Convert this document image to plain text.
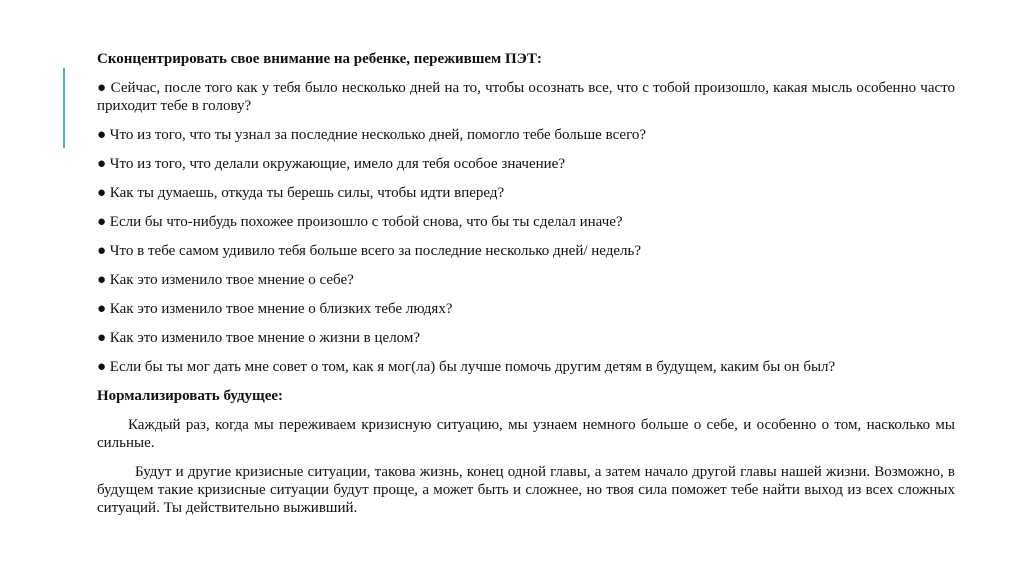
Сконцентрировать свое внимание на ребенке, пережившем ПЭТ:

● Сейчас, после того как у тебя было несколько дней на то, чтобы осознать все, что с тобой произошло, какая мысль особенно часто приходит тебе в голову?

● Что из того, что ты узнал за последние несколько дней, помогло тебе больше всего?

● Что из того, что делали окружающие, имело для тебя особое значение?

● Как ты думаешь, откуда ты берешь силы, чтобы идти вперед?

● Если бы что-нибудь похожее произошло с тобой снова, что бы ты сделал иначе?

● Что в тебе самом удивило тебя больше всего за последние несколько дней/ недель?

● Как это изменило твое мнение о себе?

● Как это изменило твое мнение о близких тебе людях?

● Как это изменило твое мнение о жизни в целом?

● Если бы ты мог дать мне совет о том, как я мог(ла) бы лучше помочь другим детям в будущем, каким бы он был?

Нормализировать будущее:

Каждый раз, когда мы переживаем кризисную ситуацию, мы узнаем немного больше о себе, и особенно о том, насколько мы сильные.

Будут и другие кризисные ситуации, такова жизнь, конец одной главы, а затем начало другой главы нашей жизни. Возможно, в будущем такие кризисные ситуации будут проще, а может быть и сложнее, но твоя сила поможет тебе найти выход из всех сложных ситуаций. Ты действительно выживший.
